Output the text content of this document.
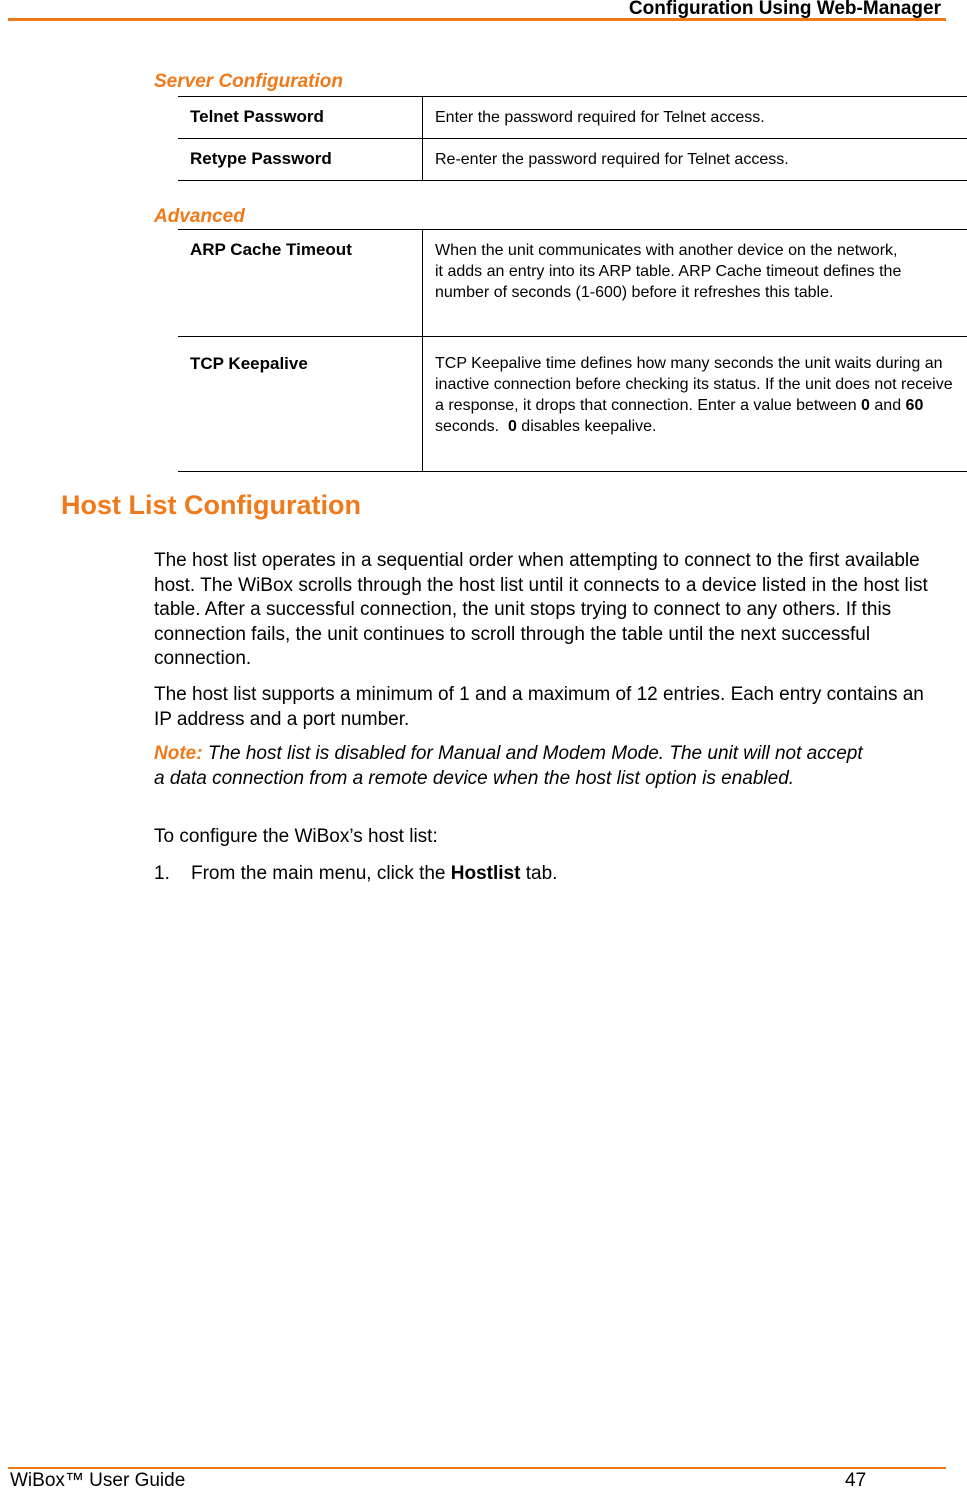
Configuration Using Web-Manager
Server Configuration
Telnet Password	Enter the password required for Telnet access.
Retype Password	Re-enter the password required for Telnet access.
Advanced
ARP Cache Timeout	When the unit communicates with another device on the network, it adds an entry into its ARP table. ARP Cache timeout defines the number of seconds (1-600) before it refreshes this table.
TCP Keepalive	TCP Keepalive time defines how many seconds the unit waits during an inactive connection before checking its status. If the unit does not receive a response, it drops that connection. Enter a value between 0 and 60 seconds.  0 disables keepalive.
Host List Configuration
The host list operates in a sequential order when attempting to connect to the first available host. The WiBox scrolls through the host list until it connects to a device listed in the host list table. After a successful connection, the unit stops trying to connect to any others. If this connection fails, the unit continues to scroll through the table until the next successful connection.
The host list supports a minimum of 1 and a maximum of 12 entries. Each entry contains an IP address and a port number.
Note: The host list is disabled for Manual and Modem Mode. The unit will not accept a data connection from a remote device when the host list option is enabled.
To configure the WiBox’s host list:
1. From the main menu, click the Hostlist tab.
WiBox™ User Guide	47
